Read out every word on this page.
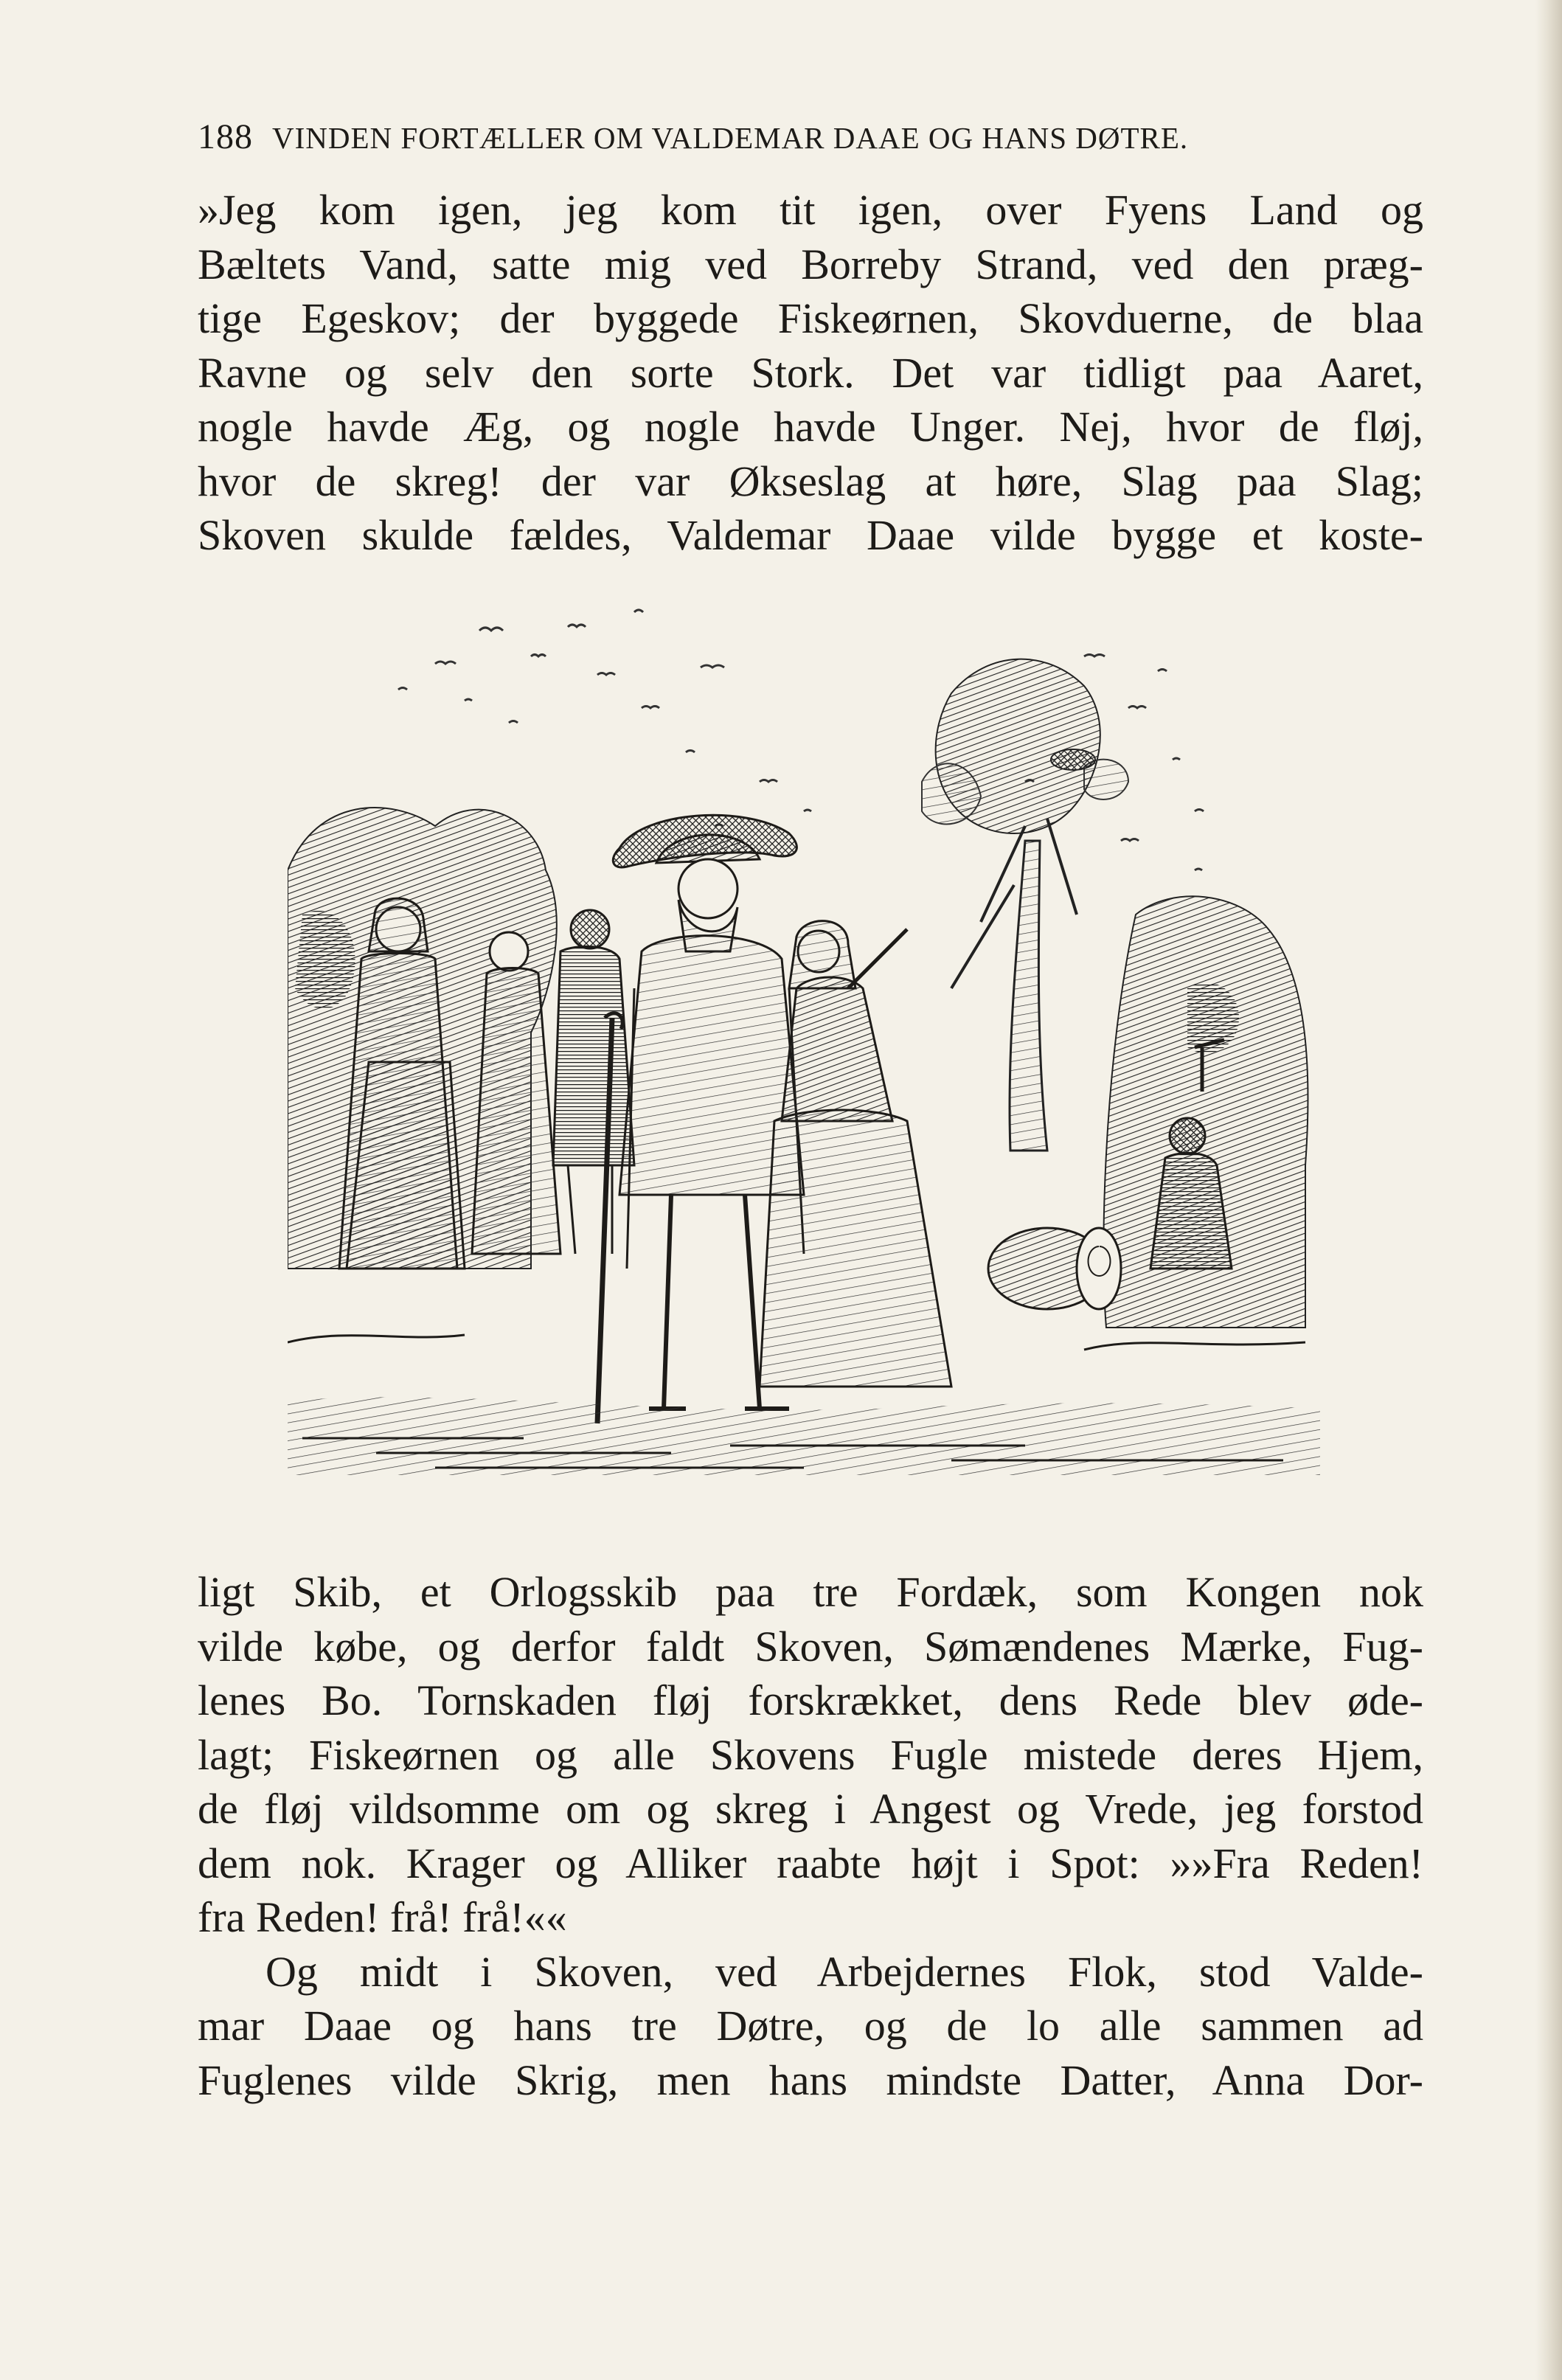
188 VINDEN FORTÆLLER OM VALDEMAR DAAE OG HANS DØTRE.
»Jeg kom igen, jeg kom tit igen, over Fyens Land og
Bæltets Vand, satte mig ved Borreby Strand, ved den præg-
tige Egeskov; der byggede Fiskeørnen, Skovduerne, de blaa
Ravne og selv den sorte Stork. Det var tidligt paa Aaret,
nogle havde Æg, og nogle havde Unger. Nej, hvor de fløj,
hvor de skreg! der var Økseslag at høre, Slag paa Slag;
Skoven skulde fældes, Valdemar Daae vilde bygge et koste-
ligt Skib, et Orlogsskib paa tre Fordæk, som Kongen nok
vilde købe, og derfor faldt Skoven, Sømændenes Mærke, Fug-
lenes Bo. Tornskaden fløj forskrækket, dens Rede blev øde-
lagt; Fiskeørnen og alle Skovens Fugle mistede deres Hjem,
de fløj vildsomme om og skreg i Angest og Vrede, jeg forstod
dem nok. Krager og Alliker raabte højt i Spot: »»Fra Reden!
fra Reden! frå! frå!««
Og midt i Skoven, ved Arbejdernes Flok, stod Valde-
mar Daae og hans tre Døtre, og de lo alle sammen ad
Fuglenes vilde Skrig, men hans mindste Datter, Anna Dor-
